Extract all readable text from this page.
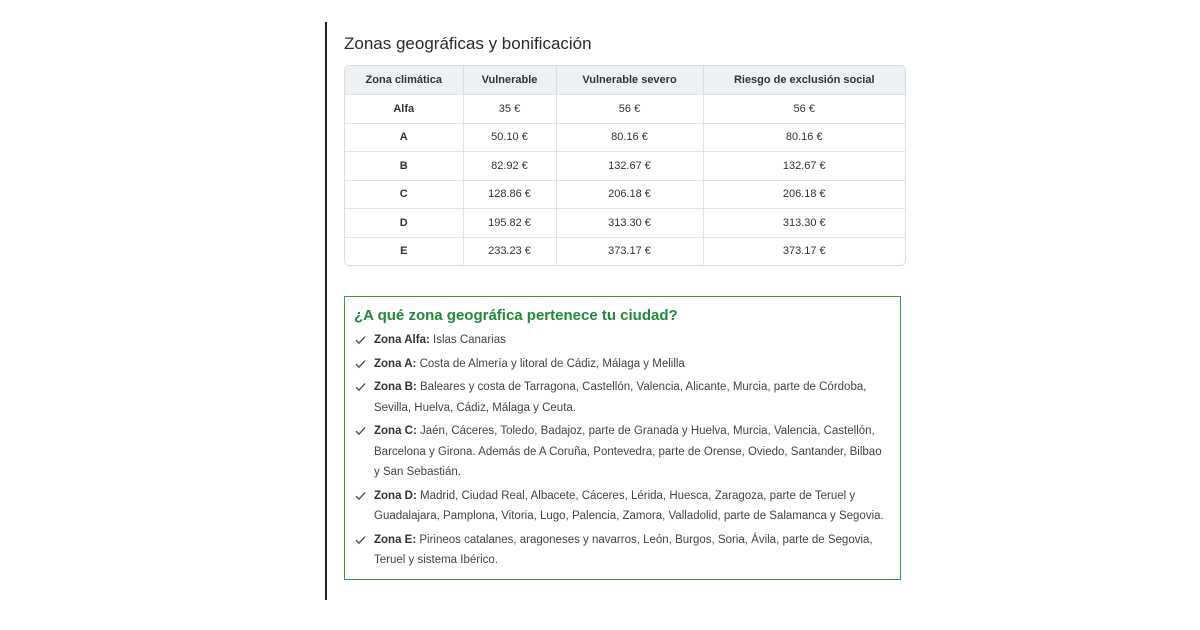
Zonas geográficas y bonificación
Zona climática	Vulnerable	Vulnerable severo	Riesgo de exclusión social
Alfa	35 €	56 €	56 €
A	50.10 €	80.16 €	80.16 €
B	82.92 €	132.67 €	132.67 €
C	128.86 €	206.18 €	206.18 €
D	195.82 €	313.30 €	313.30 €
E	233.23 €	373.17 €	373.17 €
¿A qué zona geográfica pertenece tu ciudad?
Zona Alfa: Islas Canarias
Zona A: Costa de Almería y litoral de Cádiz, Málaga y Melilla
Zona B: Baleares y costa de Tarragona, Castellón, Valencia, Alicante, Murcia, parte de Córdoba, Sevilla, Huelva, Cádiz, Málaga y Ceuta.
Zona C: Jaén, Cáceres, Toledo, Badajoz, parte de Granada y Huelva, Murcia, Valencia, Castellón, Barcelona y Girona. Además de A Coruña, Pontevedra, parte de Orense, Oviedo, Santander, Bilbao y San Sebastián.
Zona D: Madrid, Ciudad Real, Albacete, Cáceres, Lérida, Huesca, Zaragoza, parte de Teruel y Guadalajara, Pamplona, Vitoria, Lugo, Palencia, Zamora, Valladolid, parte de Salamanca y Segovia.
Zona E: Pirineos catalanes, aragoneses y navarros, León, Burgos, Soria, Ávila, parte de Segovia, Teruel y sistema Ibérico.
